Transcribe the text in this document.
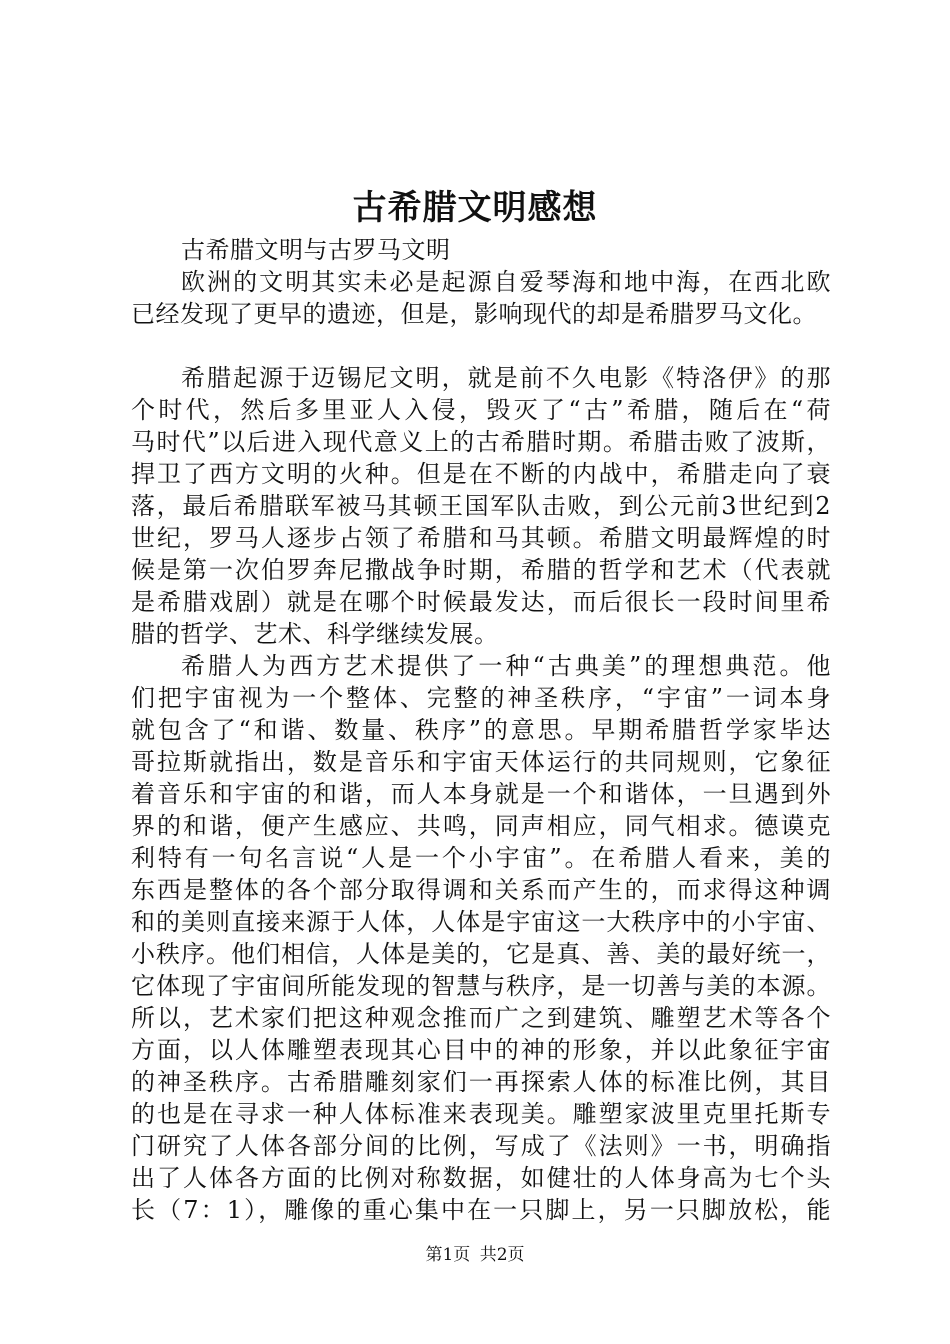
古希腊文明感想
古希腊文明与古罗马文明
欧洲的文明其实未必是起源自爱琴海和地中海，在西北欧
已经发现了更早的遗迹，但是，影响现代的却是希腊罗马文化。
希腊起源于迈锡尼文明，就是前不久电影《特洛伊》的那
个时代，然后多里亚人入侵，毁灭了“古”希腊，随后在“荷
马时代”以后进入现代意义上的古希腊时期。希腊击败了波斯，
捍卫了西方文明的火种。但是在不断的内战中，希腊走向了衰
落，最后希腊联军被马其顿王国军队击败，到公元前3世纪到2
世纪，罗马人逐步占领了希腊和马其顿。希腊文明最辉煌的时
候是第一次伯罗奔尼撒战争时期，希腊的哲学和艺术（代表就
是希腊戏剧）就是在哪个时候最发达，而后很长一段时间里希
腊的哲学、艺术、科学继续发展。
希腊人为西方艺术提供了一种“古典美”的理想典范。他
们把宇宙视为一个整体、完整的神圣秩序，“宇宙”一词本身
就包含了“和谐、数量、秩序”的意思。早期希腊哲学家毕达
哥拉斯就指出，数是音乐和宇宙天体运行的共同规则，它象征
着音乐和宇宙的和谐，而人本身就是一个和谐体，一旦遇到外
界的和谐，便产生感应、共鸣，同声相应，同气相求。德谟克
利特有一句名言说“人是一个小宇宙”。在希腊人看来，美的
东西是整体的各个部分取得调和关系而产生的，而求得这种调
和的美则直接来源于人体，人体是宇宙这一大秩序中的小宇宙、
小秩序。他们相信，人体是美的，它是真、善、美的最好统一，
它体现了宇宙间所能发现的智慧与秩序，是一切善与美的本源。
所以，艺术家们把这种观念推而广之到建筑、雕塑艺术等各个
方面，以人体雕塑表现其心目中的神的形象，并以此象征宇宙
的神圣秩序。古希腊雕刻家们一再探索人体的标准比例，其目
的也是在寻求一种人体标准来表现美。雕塑家波里克里托斯专
门研究了人体各部分间的比例，写成了《法则》一书，明确指
出了人体各方面的比例对称数据，如健壮的人体身高为七个头
长（7：1），雕像的重心集中在一只脚上，另一只脚放松，能
第1页 共2页
